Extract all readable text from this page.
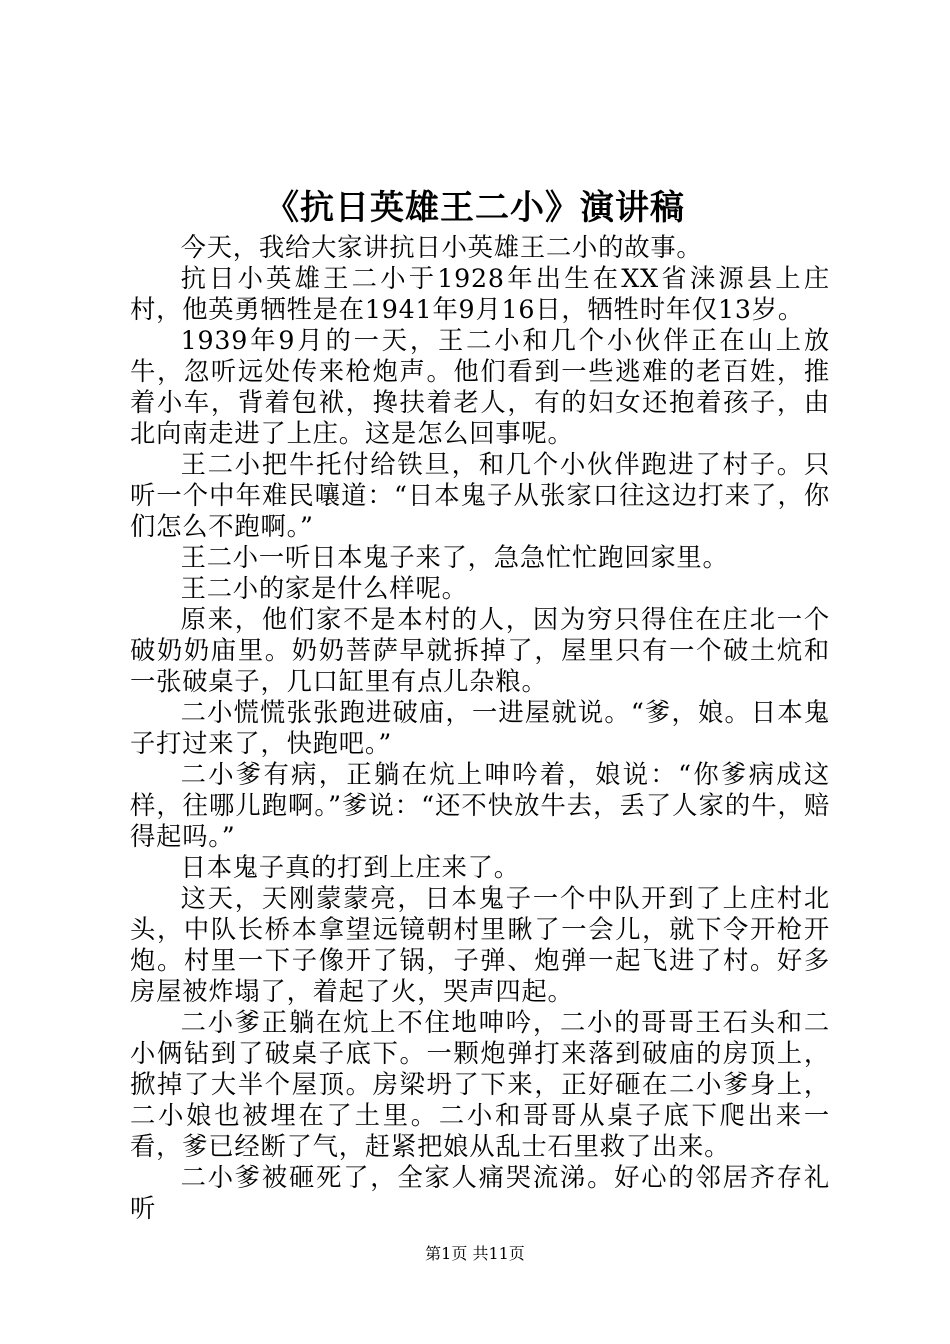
《抗日英雄王二小》演讲稿

今天，我给大家讲抗日小英雄王二小的故事。

抗日小英雄王二小于1928年出生在XX省涞源县上庄村，他英勇牺牲是在1941年9月16日，牺牲时年仅13岁。

1939年9月的一天，王二小和几个小伙伴正在山上放牛，忽听远处传来枪炮声。他们看到一些逃难的老百姓，推着小车，背着包袱，搀扶着老人，有的妇女还抱着孩子，由北向南走进了上庄。这是怎么回事呢。

王二小把牛托付给铁旦，和几个小伙伴跑进了村子。只听一个中年难民嚷道：“日本鬼子从张家口往这边打来了，你们怎么不跑啊。”

王二小一听日本鬼子来了，急急忙忙跑回家里。

王二小的家是什么样呢。

原来，他们家不是本村的人，因为穷只得住在庄北一个破奶奶庙里。奶奶菩萨早就拆掉了，屋里只有一个破土炕和一张破桌子，几口缸里有点儿杂粮。

二小慌慌张张跑进破庙，一进屋就说。“爹，娘。日本鬼子打过来了，快跑吧。”

二小爹有病，正躺在炕上呻吟着，娘说：“你爹病成这样，往哪儿跑啊。”爹说：“还不快放牛去，丢了人家的牛，赔得起吗。”

日本鬼子真的打到上庄来了。

这天，天刚蒙蒙亮，日本鬼子一个中队开到了上庄村北头，中队长桥本拿望远镜朝村里瞅了一会儿，就下令开枪开炮。村里一下子像开了锅，子弹、炮弹一起飞进了村。好多房屋被炸塌了，着起了火，哭声四起。

二小爹正躺在炕上不住地呻吟，二小的哥哥王石头和二小俩钻到了破桌子底下。一颗炮弹打来落到破庙的房顶上，掀掉了大半个屋顶。房梁坍了下来，正好砸在二小爹身上，二小娘也被埋在了土里。二小和哥哥从桌子底下爬出来一看，爹已经断了气，赶紧把娘从乱士石里救了出来。

二小爹被砸死了，全家人痛哭流涕。好心的邻居齐存礼听

第1页 共11页
